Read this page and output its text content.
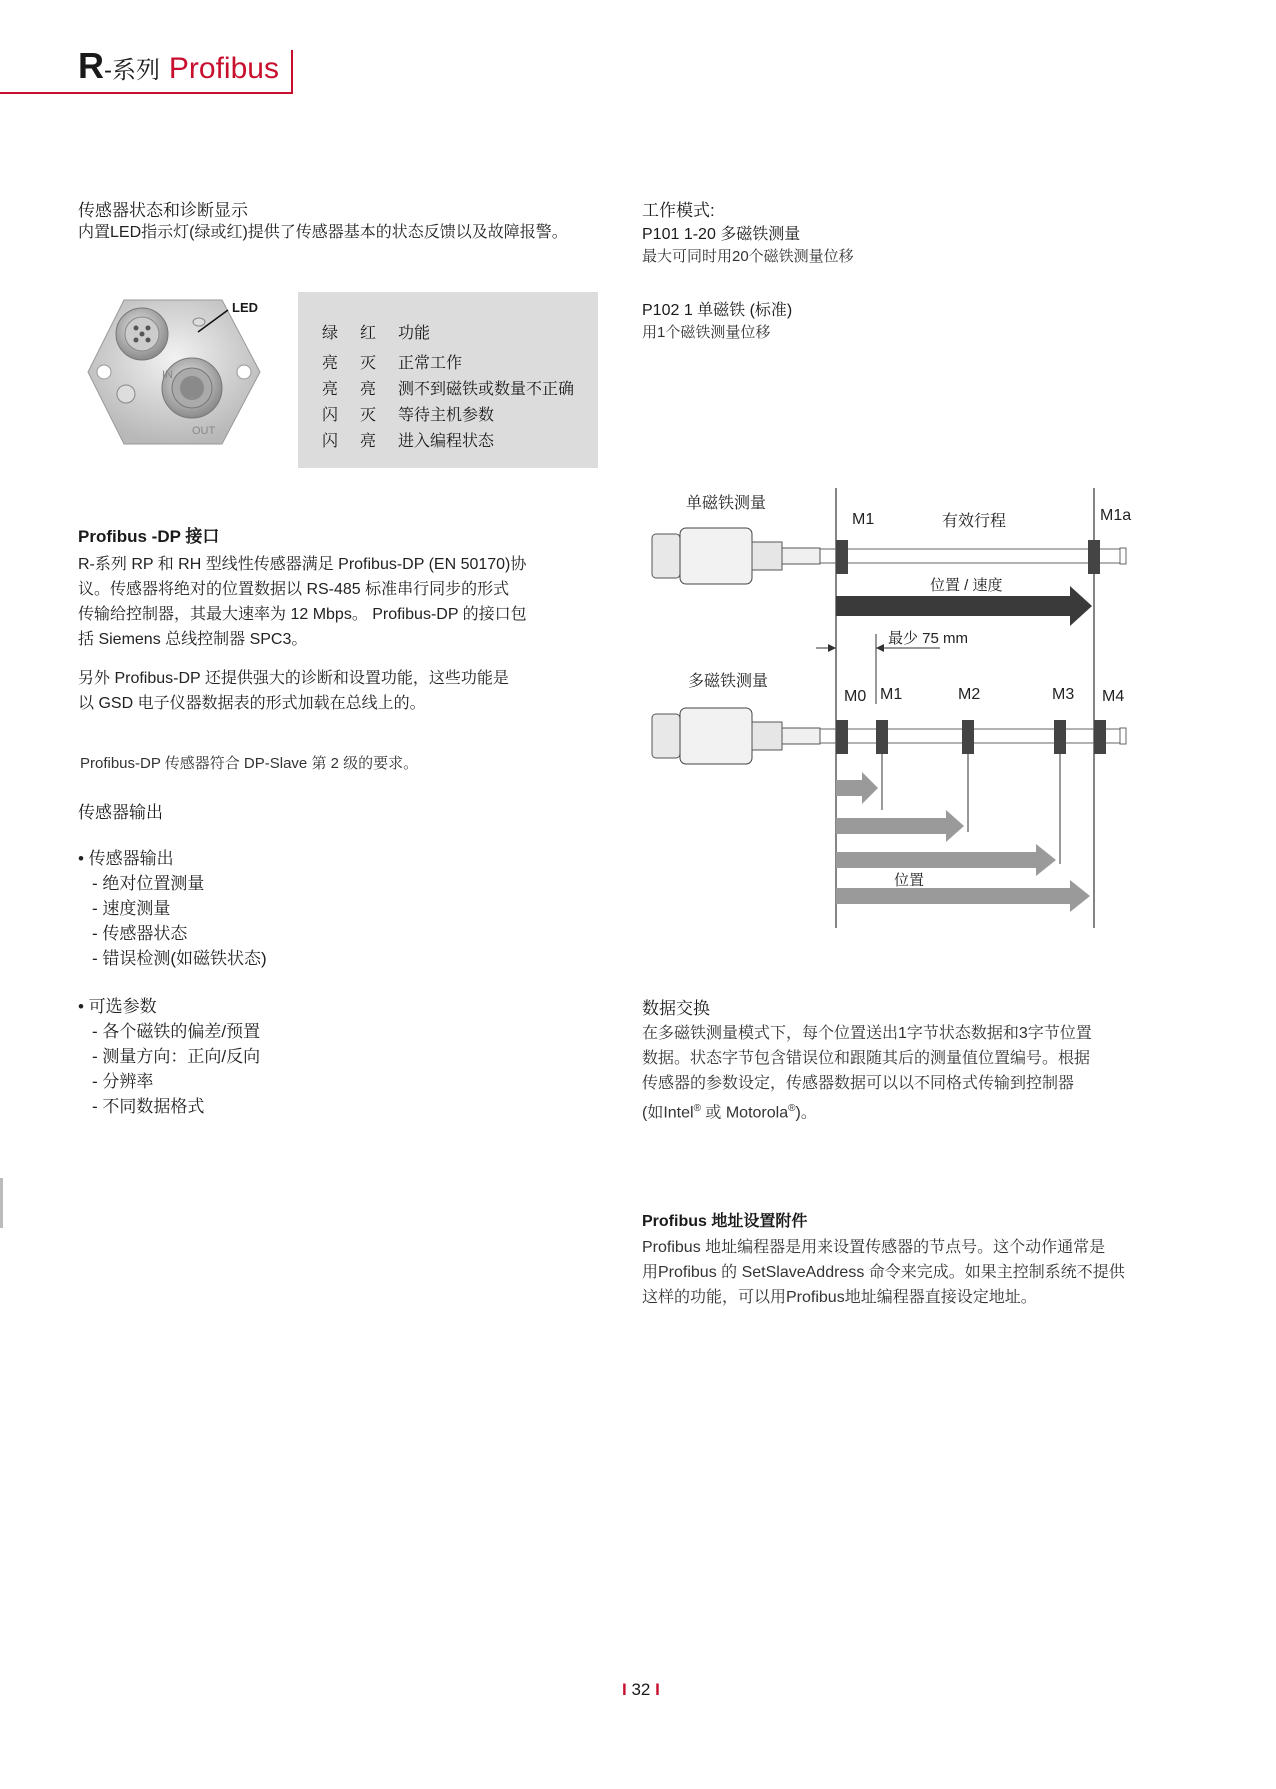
R-系列 Profibus
传感器状态和诊断显示
内置LED指示灯(绿或红)提供了传感器基本的状态反馈以及故障报警。
IN
OUT
LED
绿 红 功能
亮 灭 正常工作
亮 亮 测不到磁铁或数量不正确
闪 灭 等待主机参数
闪 亮 进入编程状态
Profibus -DP 接口
R-系列 RP 和 RH 型线性传感器满足 Profibus-DP (EN 50170)协
议。传感器将绝对的位置数据以 RS-485 标准串行同步的形式
传输给控制器，其最大速率为 12 Mbps。 Profibus-DP 的接口包
括 Siemens 总线控制器 SPC3。
另外 Profibus-DP 还提供强大的诊断和设置功能，这些功能是
以 GSD 电子仪器数据表的形式加载在总线上的。
Profibus-DP 传感器符合 DP-Slave 第 2 级的要求。
传感器输出
• 传感器输出
- 绝对位置测量
- 速度测量
- 传感器状态
- 错误检测(如磁铁状态)
• 可选参数
- 各个磁铁的偏差/预置
- 测量方向：正向/反向
- 分辨率
- 不同数据格式
工作模式:
P101 1-20 多磁铁测量
最大可同时用20个磁铁测量位移
P102 1 单磁铁 (标准)
用1个磁铁测量位移
单磁铁测量
多磁铁测量
M1	M1a
有效行程
位置 / 速度
最少 75 mm
M0 M1	M2	M3 M4
位置
数据交换
在多磁铁测量模式下，每个位置送出1字节状态数据和3字节位置
数据。状态字节包含错误位和跟随其后的测量值位置编号。根据
传感器的参数设定，传感器数据可以以不同格式传输到控制器
(如Intel® 或 Motorola®)。
Profibus 地址设置附件
Profibus 地址编程器是用来设置传感器的节点号。这个动作通常是
用Profibus 的 SetSlaveAddress 命令来完成。如果主控制系统不提供
这样的功能，可以用Profibus地址编程器直接设定地址。
I 32 I
